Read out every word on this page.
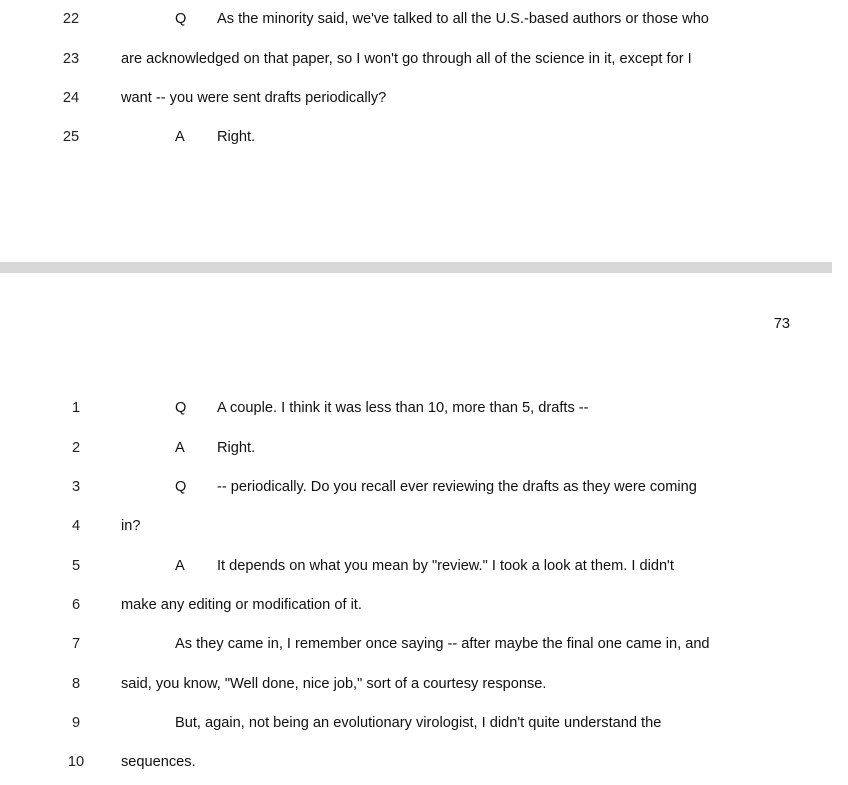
22	Q As the minority said, we've talked to all the U.S.-based authors or those who
23	are acknowledged on that paper, so I won't go through all of the science in it, except for I
24	want -- you were sent drafts periodically?
25	A Right.
73
1	Q A couple. I think it was less than 10, more than 5, drafts --
2	A Right.
3	Q -- periodically. Do you recall ever reviewing the drafts as they were coming
4	in?
5	A It depends on what you mean by "review." I took a look at them. I didn't
6	make any editing or modification of it.
7	As they came in, I remember once saying -- after maybe the final one came in, and
8	said, you know, "Well done, nice job," sort of a courtesy response.
9	But, again, not being an evolutionary virologist, I didn't quite understand the
10	sequences.
